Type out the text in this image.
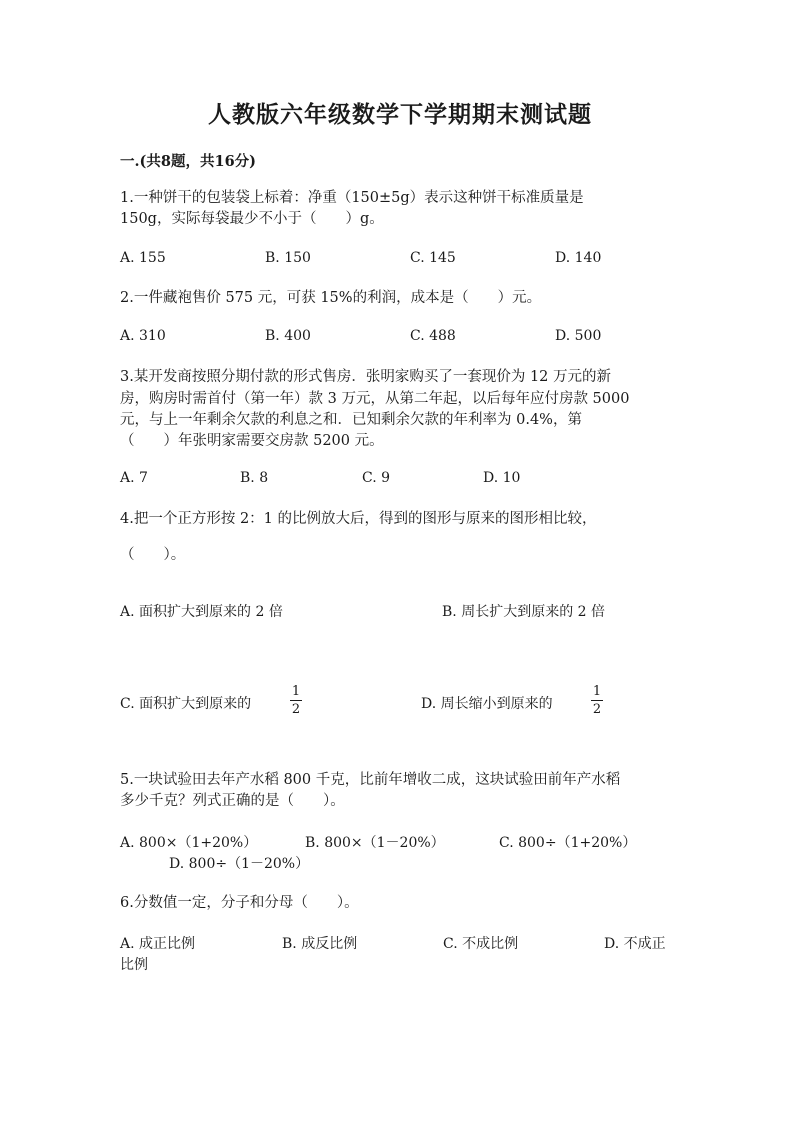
人教版六年级数学下学期期末测试题
一.(共8题，共16分)
1.一种饼干的包装袋上标着：净重（150±5g）表示这种饼干标准质量是
150g，实际每袋最少不小于（　　）g。
A. 155	B. 150	C. 145	D. 140
2.一件藏袍售价 575 元，可获 15%的利润，成本是（　　）元。
A. 310	B. 400	C. 488	D. 500
3.某开发商按照分期付款的形式售房．张明家购买了一套现价为 12 万元的新
房，购房时需首付（第一年）款 3 万元，从第二年起，以后每年应付房款 5000
元，与上一年剩余欠款的利息之和．已知剩余欠款的年利率为 0.4%，第
（　　）年张明家需要交房款 5200 元。
A. 7	B. 8	C. 9	D. 10
4.把一个正方形按 2：1 的比例放大后，得到的图形与原来的图形相比较，
（　　）。
A. 面积扩大到原来的 2 倍	B. 周长扩大到原来的 2 倍
C. 面积扩大到原来的
1
2	D. 周长缩小到原来的
1
2
5.一块试验田去年产水稻 800 千克，比前年增收二成，这块试验田前年产水稻
多少千克？列式正确的是（　　）。
A. 800×（1+20%）	B. 800×（1－20%）	C. 800÷（1+20%）
D. 800÷（1－20%）
6.分数值一定，分子和分母（　　）。
A. 成正比例	B. 成反比例	C. 不成比例	D. 不成正
比例
